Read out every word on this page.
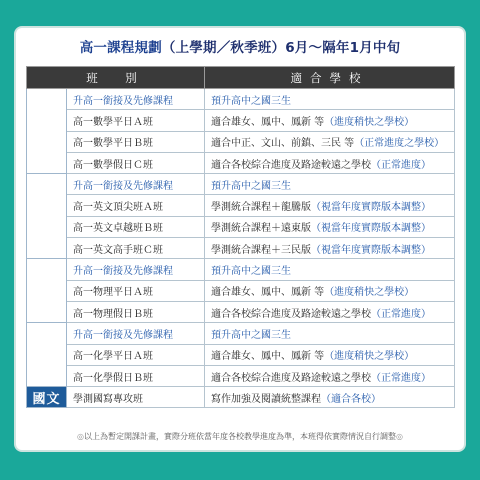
高一課程規劃（上學期／秋季班）6月～隔年1月中旬
班　別		適合學校
數學	升高一銜接及先修課程	預升高中之國三生
	高一數學平日Ａ班	適合雄女、鳳中、鳳新 等（進度稍快之學校）
	高一數學平日Ｂ班	適合中正、文山、前鎮、三民 等（正常進度之學校）
	高一數學假日Ｃ班	適合各校綜合進度及路途較遠之學校（正常進度）
英文	升高一銜接及先修課程	預升高中之國三生
	高一英文頂尖班Ａ班	學測統合課程＋龍騰版（視當年度實際版本調整）
	高一英文卓越班Ｂ班	學測統合課程＋遠東版（視當年度實際版本調整）
	高一英文高手班Ｃ班	學測統合課程＋三民版（視當年度實際版本調整）
物理	升高一銜接及先修課程	預升高中之國三生
	高一物理平日Ａ班	適合雄女、鳳中、鳳新 等（進度稍快之學校）
	高一物理假日Ｂ班	適合各校綜合進度及路途較遠之學校（正常進度）
化學	升高一銜接及先修課程	預升高中之國三生
	高一化學平日Ａ班	適合雄女、鳳中、鳳新 等（進度稍快之學校）
	高一化學假日Ｂ班	適合各校綜合進度及路途較遠之學校（正常進度）
國文	學測國寫專攻班	寫作加強及閱讀統整課程（適合各校）
◎以上為暫定開課計畫，實際分班依當年度各校教學進度為準，本班得依實際情況自行調整◎
